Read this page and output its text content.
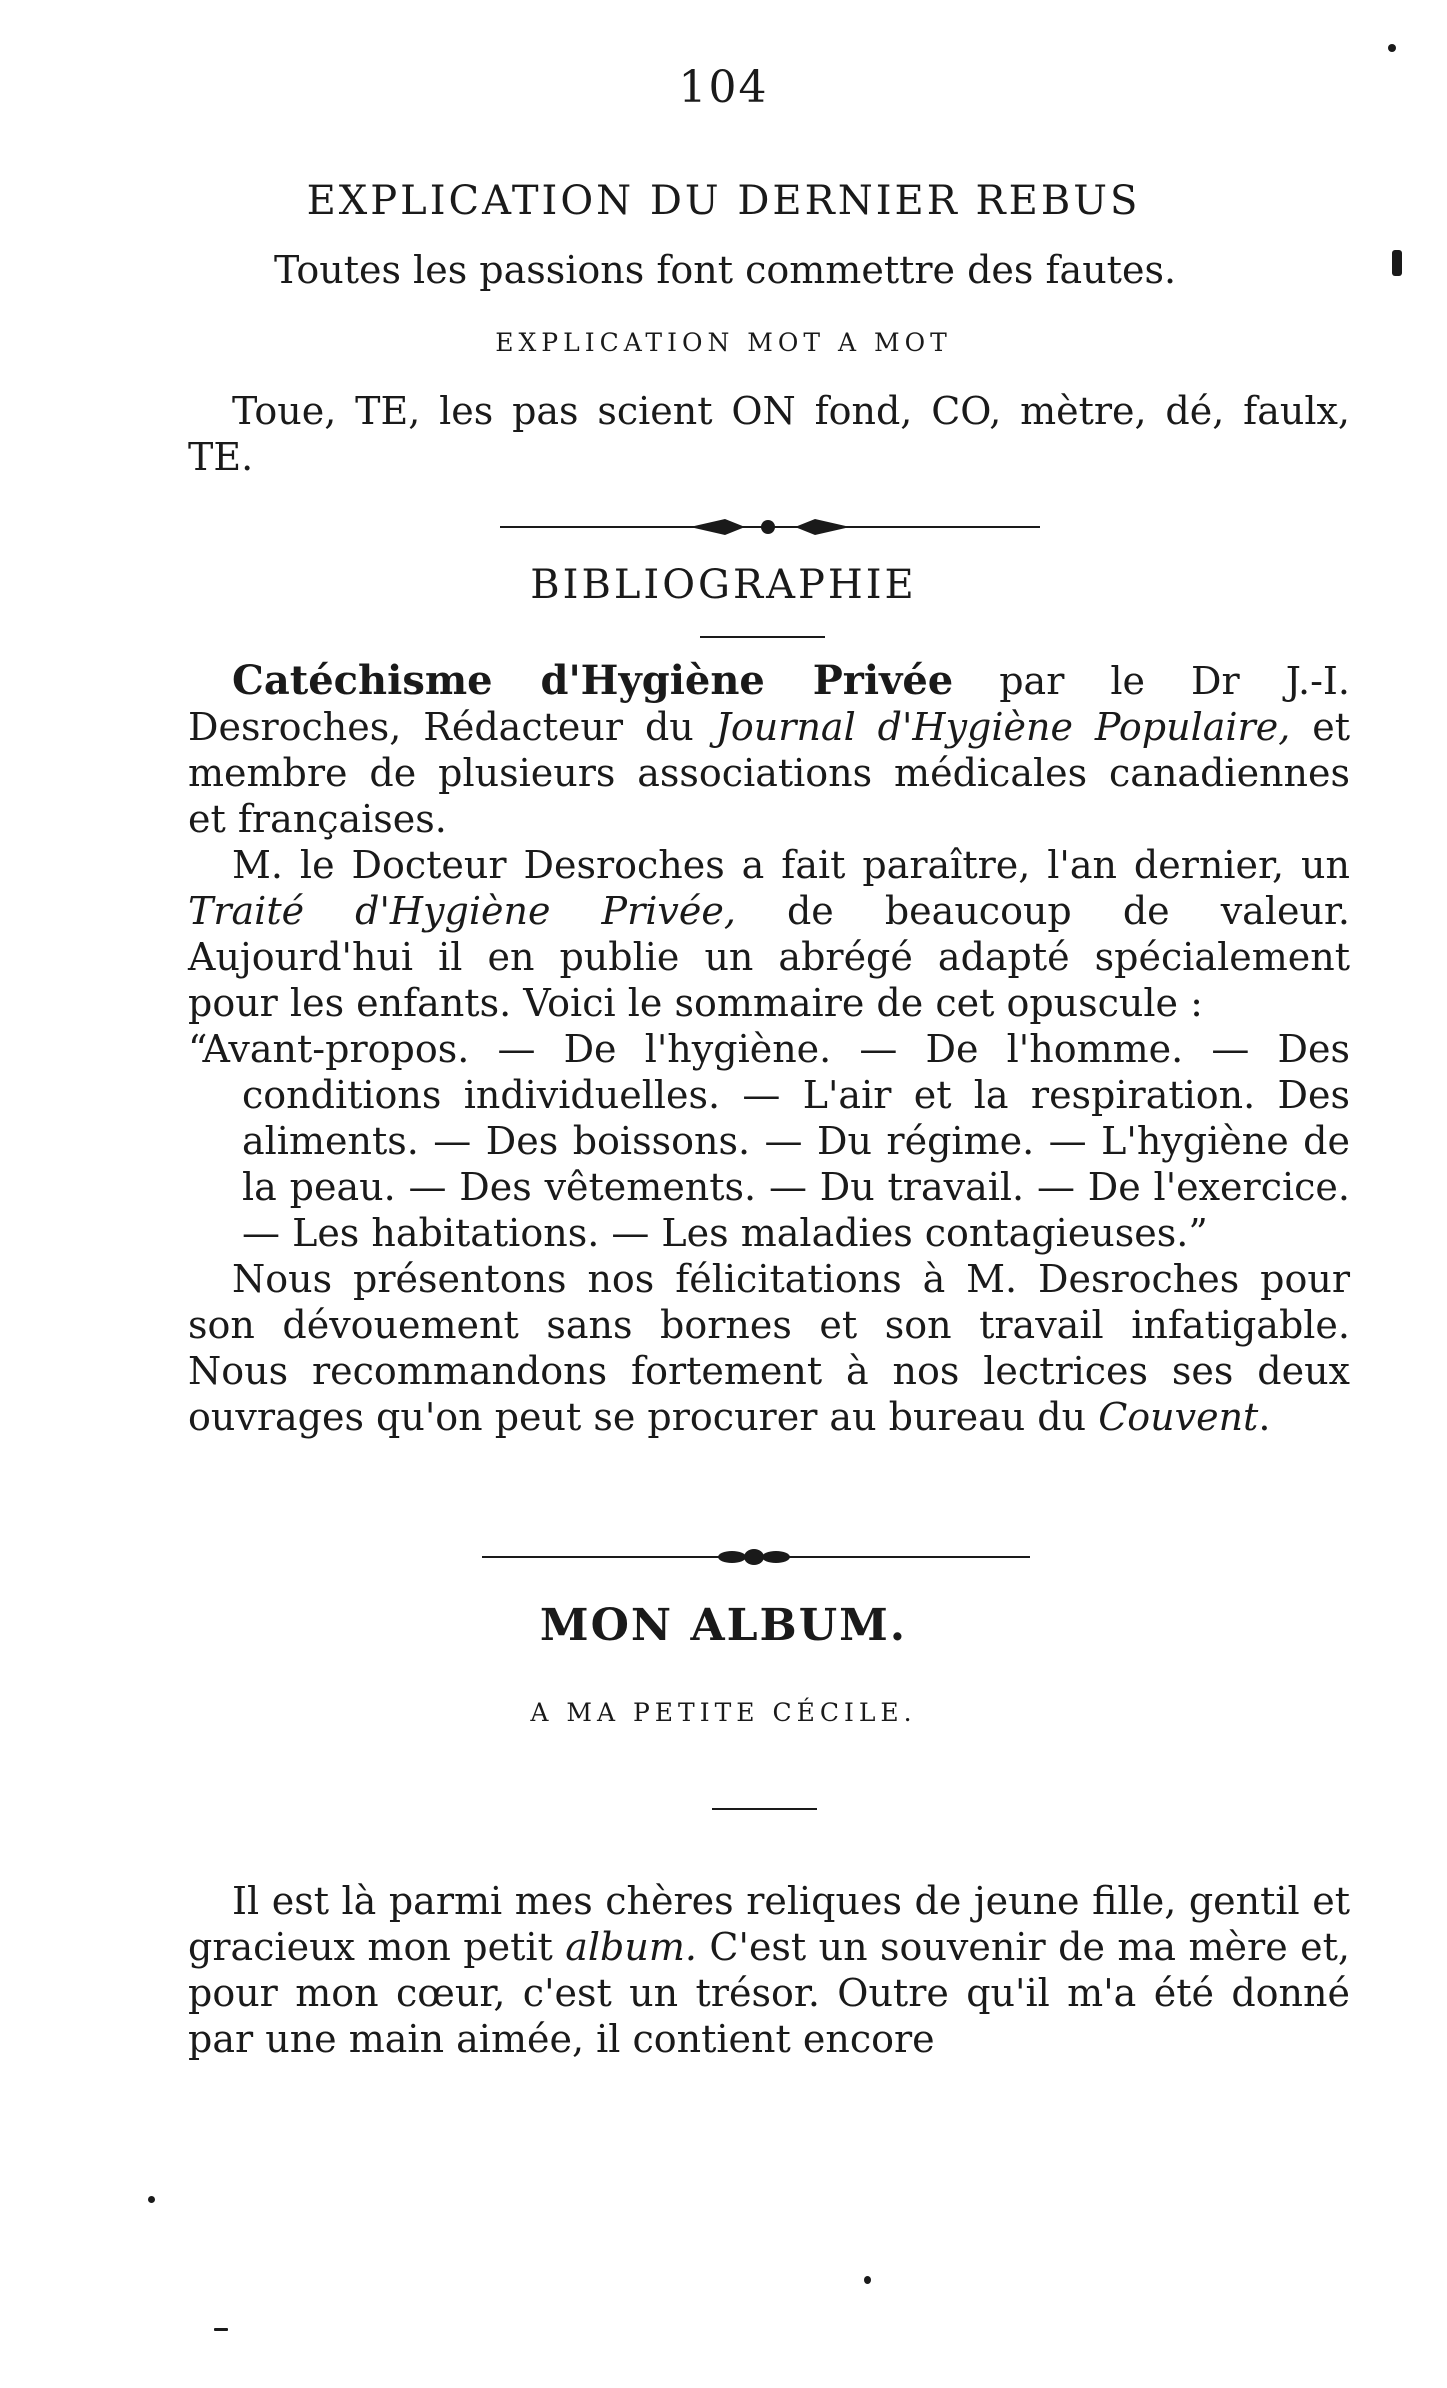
104
EXPLICATION DU DERNIER REBUS
Toutes les passions font commettre des fautes.
EXPLICATION MOT A MOT

Toue, TE, les pas scient ON fond, CO, mètre, dé, faulx, TE.

BIBLIOGRAPHIE

Catéchisme d'Hygiène Privée par le Dr J.-I. Desroches, Rédacteur du Journal d'Hygiène Populaire, et membre de plusieurs associations médicales canadiennes et françaises.

M. le Docteur Desroches a fait paraître, l'an dernier, un Traité d'Hygiène Privée, de beaucoup de valeur. Aujourd'hui il en publie un abrégé adapté spécialement pour les enfants. Voici le sommaire de cet opuscule :

“Avant-propos. — De l'hygiène. — De l'homme. — Des conditions individuelles. — L'air et la respiration. Des aliments. — Des boissons. — Du régime. — L'hygiène de la peau. — Des vêtements. — Du travail. — De l'exercice. — Les habitations. — Les maladies contagieuses.”

Nous présentons nos félicitations à M. Desroches pour son dévouement sans bornes et son travail infatigable. Nous recommandons fortement à nos lectrices ses deux ouvrages qu'on peut se procurer au bureau du Couvent.

MON ALBUM.
A MA PETITE CÉCILE.

Il est là parmi mes chères reliques de jeune fille, gentil et gracieux mon petit album. C'est un souvenir de ma mère et, pour mon cœur, c'est un trésor. Outre qu'il m'a été donné par une main aimée, il contient encore
